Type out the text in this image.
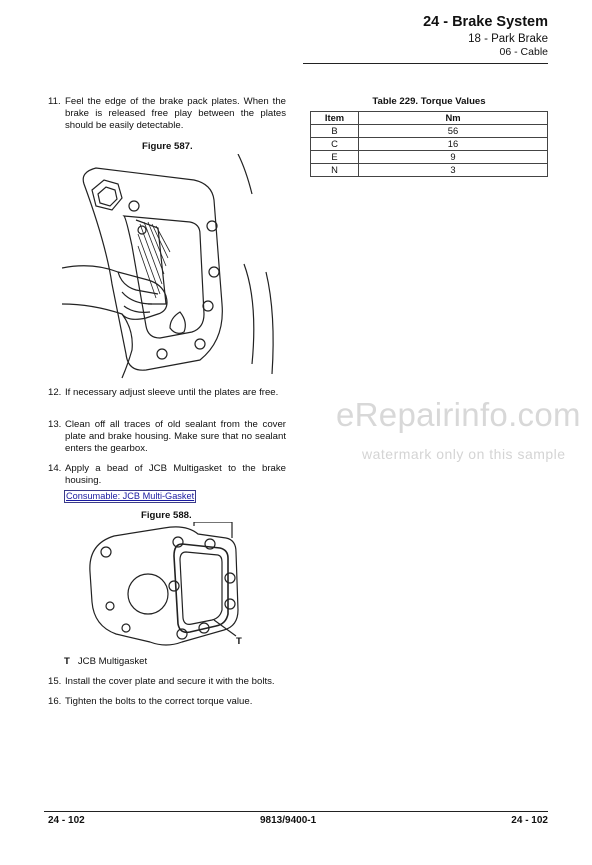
24 - Brake System
18 - Park Brake
06 - Cable
11. Feel the edge of the brake pack plates. When the brake is released free play between the plates should be easily detectable.
Figure 587.
12. If necessary adjust sleeve until the plates are free.
13. Clean off all traces of old sealant from the cover plate and brake housing. Make sure that no sealant enters the gearbox.
14. Apply a bead of JCB Multigasket to the brake housing.
Consumable: JCB Multi-Gasket
Figure 588.
T
T JCB Multigasket
15. Install the cover plate and secure it with the bolts.
16. Tighten the bolts to the correct torque value.
Table 229. Torque Values
Item	Nm
B	56
C	16
E	9
N	3
eRepairinfo.com
watermark only on this sample
24 - 102	9813/9400-1	24 - 102
